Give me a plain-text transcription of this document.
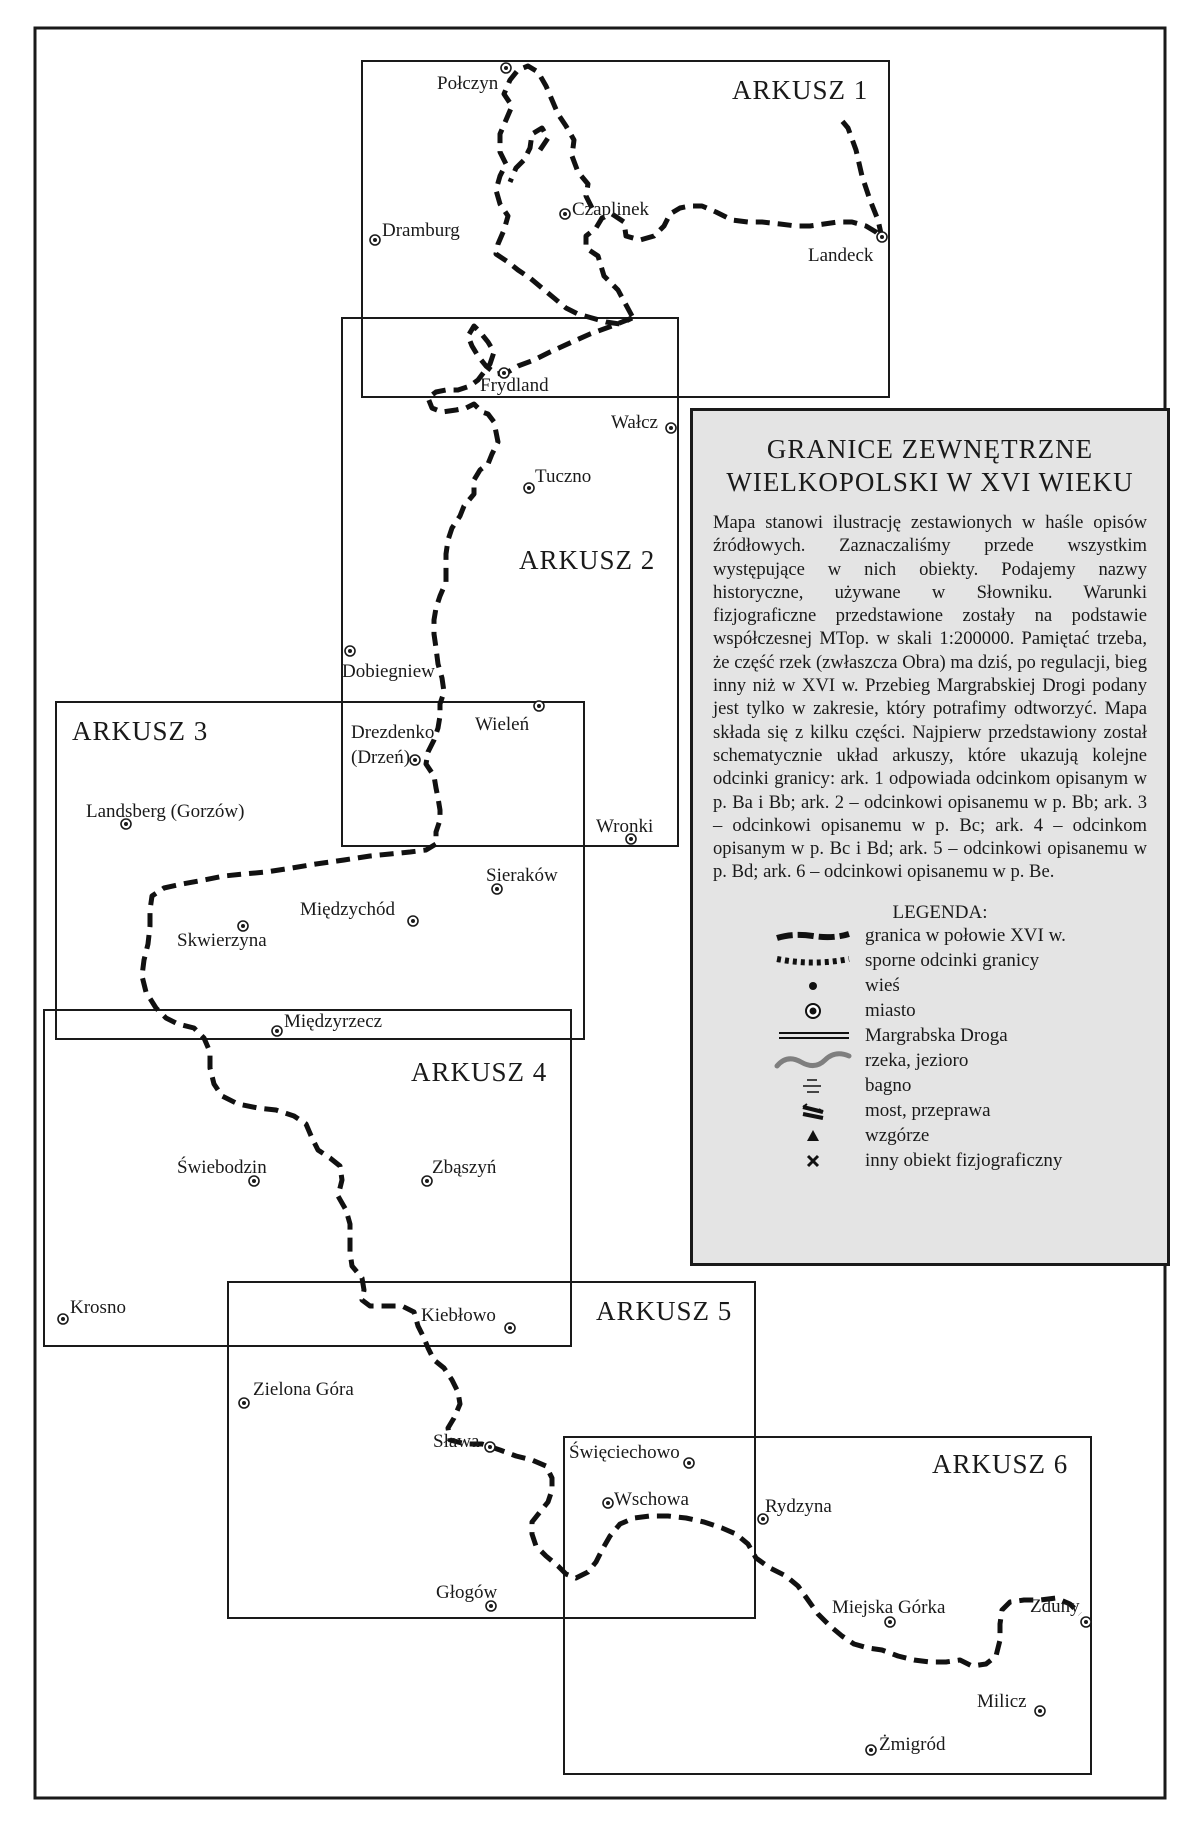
ARKUSZ 1
ARKUSZ 2
ARKUSZ 3
ARKUSZ 4
ARKUSZ 5
ARKUSZ 6
Połczyn
Czaplinek
Dramburg
Landeck
Frydland
Wałcz
Tuczno
Dobiegniew
Wieleń
Drezdenko
(Drzeń)
Landsberg (Gorzów)
Wronki
Sieraków
Międzychód
Skwierzyna
Międzyrzecz
Świebodzin	Zbąszyń
Krosno	Kiebłowo
Zielona Góra
Sława
Święciechowo
Wschowa	Rydzyna
Głogów
Miejska Górka	Zduny
Milicz
Żmigród
GRANICE ZEWNĘTRZNE
WIELKOPOLSKI W XVI WIEKU
Mapa stanowi ilustrację zestawionych w haśle opisów źródłowych. Zaznaczaliśmy przede wszystkim występujące w nich obiekty. Podajemy nazwy historyczne, używane w Słowniku. Warunki fizjograficzne przedstawione zostały na podstawie współczesnej MTop. w skali 1:200000. Pamiętać trzeba, że część rzek (zwłaszcza Obra) ma dziś, po regulacji, bieg inny niż w XVI w. Przebieg Margrabskiej Drogi podany jest tylko w zakresie, który potrafimy odtworzyć. Mapa składa się z kilku części. Najpierw przedstawiony został schematycznie układ arkuszy, które ukazują kolejne odcinki granicy: ark. 1 odpowiada odcinkom opisanym w p. Ba i Bb; ark. 2 – odcinkowi opisanemu w p. Bb; ark. 3 – odcinkowi opisanemu w p. Bc; ark. 4 – odcinkom opisanym w p. Bc i Bd; ark. 5 – odcinkowi opisanemu w p. Bd; ark. 6 – odcinkowi opisanemu w p. Be.
LEGENDA:
granica w połowie XVI w.
sporne odcinki granicy
wieś
miasto
Margrabska Droga
rzeka, jezioro
bagno
most, przeprawa
wzgórze
inny obiekt fizjograficzny
